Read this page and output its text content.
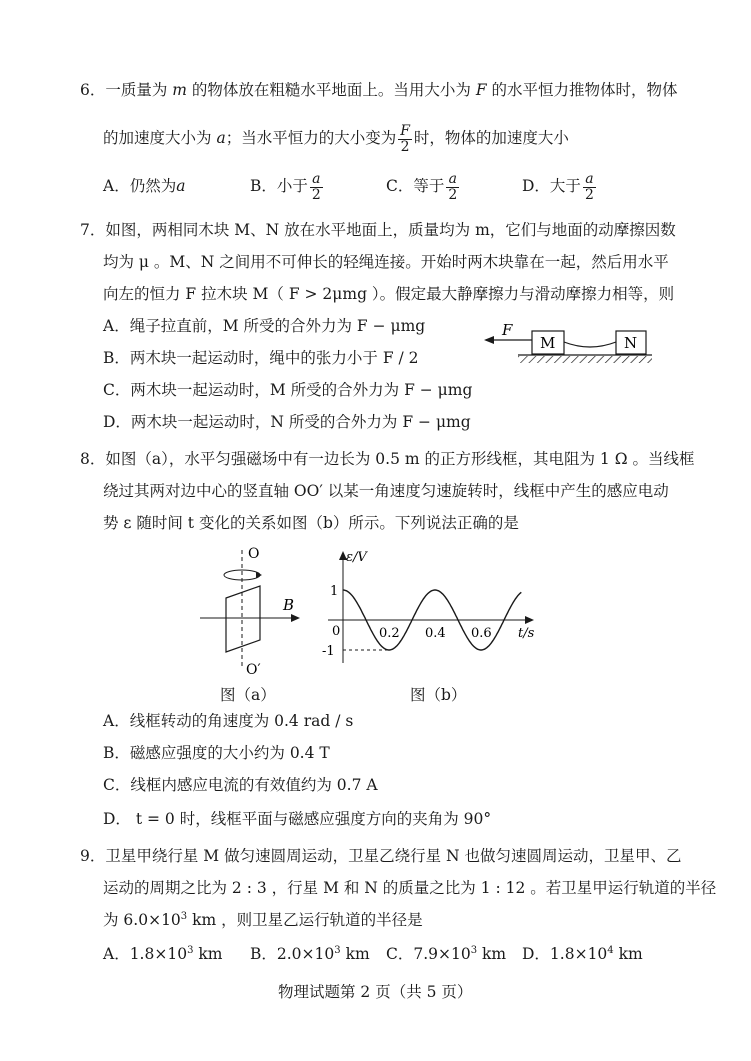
6．一质量为 m 的物体放在粗糙水平地面上。当用大小为 F 的水平恒力推物体时，物体
的加速度大小为 a；当水平恒力的大小变为 $\frac{F}{2}$ 时，物体的加速度大小
A．仍然为a	B．小于 $\frac{a}{2}$	C．等于 $\frac{a}{2}$	D．大于 $\frac{a}{2}$
7．如图，两相同木块 M、N 放在水平地面上，质量均为 m，它们与地面的动摩擦因数
均为 μ 。M、N 之间用不可伸长的轻绳连接。开始时两木块靠在一起，然后用水平
向左的恒力 F 拉木块 M（ F > 2μmg ）。假定最大静摩擦力与滑动摩擦力相等，则
A．绳子拉直前，M 所受的合外力为 F − μmg
B．两木块一起运动时，绳中的张力小于 F / 2
C．两木块一起运动时，M 所受的合外力为 F − μmg
D．两木块一起运动时，N 所受的合外力为 F − μmg
F
M	N
8．如图（a），水平匀强磁场中有一边长为 0.5 m 的正方形线框，其电阻为 1 Ω 。当线框
绕过其两对边中心的竖直轴 OO′ 以某一角速度匀速旋转时，线框中产生的感应电动
势 ε 随时间 t 变化的关系如图（b）所示。下列说法正确的是
O
O′
B
图（a）
ε/V
t/s
0	0.2 0.4 0.6
1
-1
图（b）
A．线框转动的角速度为 0.4 rad / s
B．磁感应强度的大小约为 0.4 T
C．线框内感应电流的有效值约为 0.7 A
D． t = 0 时，线框平面与磁感应强度方向的夹角为 90°
9．卫星甲绕行星 M 做匀速圆周运动，卫星乙绕行星 N 也做匀速圆周运动，卫星甲、乙
运动的周期之比为 2 : 3 ，行星 M 和 N 的质量之比为 1 : 12 。若卫星甲运行轨道的半径
为 $6.0\times 10^3$ km ，则卫星乙运行轨道的半径是
A．$1.8\times 10^3$ km B．$2.0\times 10^3$ km C．$7.9\times 10^3$ km D．$1.8\times 10^4$ km
物理试题第 2 页（共 5 页）
